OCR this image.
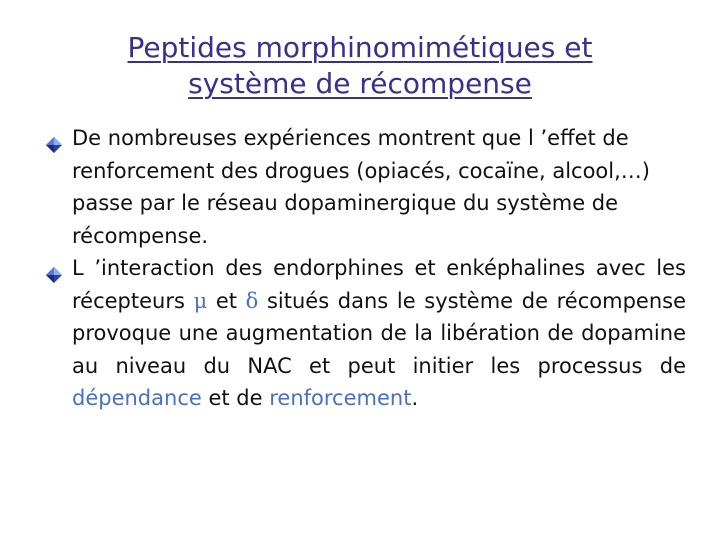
Peptides morphinomimétiques et
système de récompense

De nombreuses expériences montrent que l ’effet de renforcement des drogues (opiacés, cocaïne, alcool,…) passe par le réseau dopaminergique du système de récompense.

L ’interaction des endorphines et enképhalines avec les récepteurs μ et δ situés dans le système de récompense provoque une augmentation de la libération de dopamine au niveau du NAC et peut initier les processus de dépendance et de renforcement.
